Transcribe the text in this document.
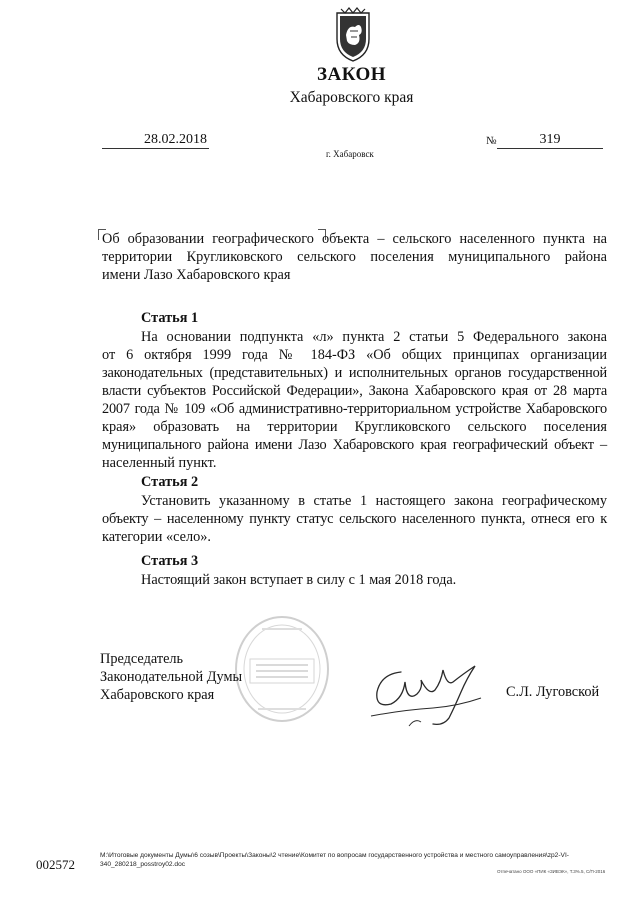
ЗАКОН
Хабаровского края
28.02.2018	№	319
г. Хабаровск
Об образовании географического объекта – сельского населенного пункта на
территории Кругликовского сельского поселения муниципального района
имени Лазо Хабаровского края
Статья 1
На основании подпункта «л» пункта 2 статьи 5 Федерального закона
от 6 октября 1999 года № 184-ФЗ «Об общих принципах организации
законодательных (представительных) и исполнительных органов государственной
власти субъектов Российской Федерации», Закона Хабаровского края от 28 марта
2007 года № 109 «Об административно-территориальном устройстве Хабаровского
края» образовать на территории Кругликовского сельского поселения
муниципального района имени Лазо Хабаровского края географический объект –
населенный пункт.
Статья 2
Установить указанному в статье 1 настоящего закона географическому
объекту – населенному пункту статус сельского населенного пункта, отнеся его к
категории «село».
Статья 3
Настоящий закон вступает в силу с 1 мая 2018 года.
Председатель
Законодательной Думы
Хабаровского края	С.Л. Луговской
002572
М:\Итоговые документы Думы\6 созыв\Проекты\Законы\2 чтение\Комитет по вопросам государственного устройства и местного самоуправления\zp2-VI-340_280218_posstroy02.doc
Отпечатано ООО «ПИК «ЗИВЭК», Т.3%.5, С/П-2016
